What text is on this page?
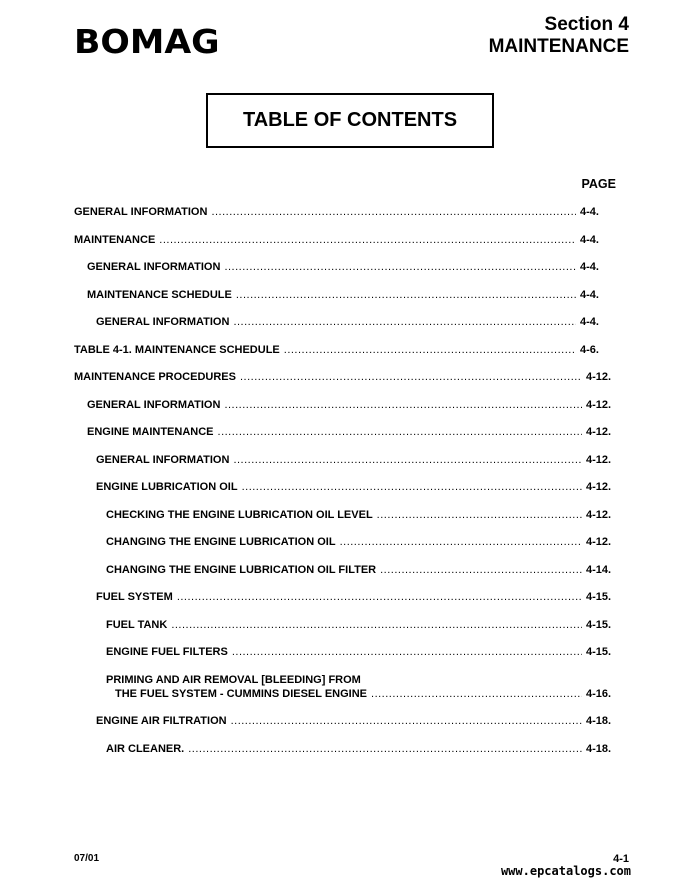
BOMAG	Section 4
MAINTENANCE
TABLE OF CONTENTS
PAGE
GENERAL INFORMATION .....	4-4.
MAINTENANCE .....	4-4.
GENERAL INFORMATION .....	4-4.
MAINTENANCE SCHEDULE .....	4-4.
GENERAL INFORMATION .....	4-4.
TABLE 4-1. MAINTENANCE SCHEDULE .....	4-6.
MAINTENANCE PROCEDURES .....	4-12.
GENERAL INFORMATION .....	4-12.
ENGINE MAINTENANCE .....	4-12.
GENERAL INFORMATION .....	4-12.
ENGINE LUBRICATION OIL .....	4-12.
CHECKING THE ENGINE LUBRICATION OIL LEVEL .....	4-12.
CHANGING THE ENGINE LUBRICATION OIL .....	4-12.
CHANGING THE ENGINE LUBRICATION OIL FILTER .....	4-14.
FUEL SYSTEM .....	4-15.
FUEL TANK .....	4-15.
ENGINE FUEL FILTERS .....	4-15.
PRIMING AND AIR REMOVAL [BLEEDING] FROM
THE FUEL SYSTEM - CUMMINS DIESEL ENGINE .....	4-16.
ENGINE AIR FILTRATION .....	4-18.
AIR CLEANER. .....	4-18.
07/01	4-1
www.epcatalogs.com
